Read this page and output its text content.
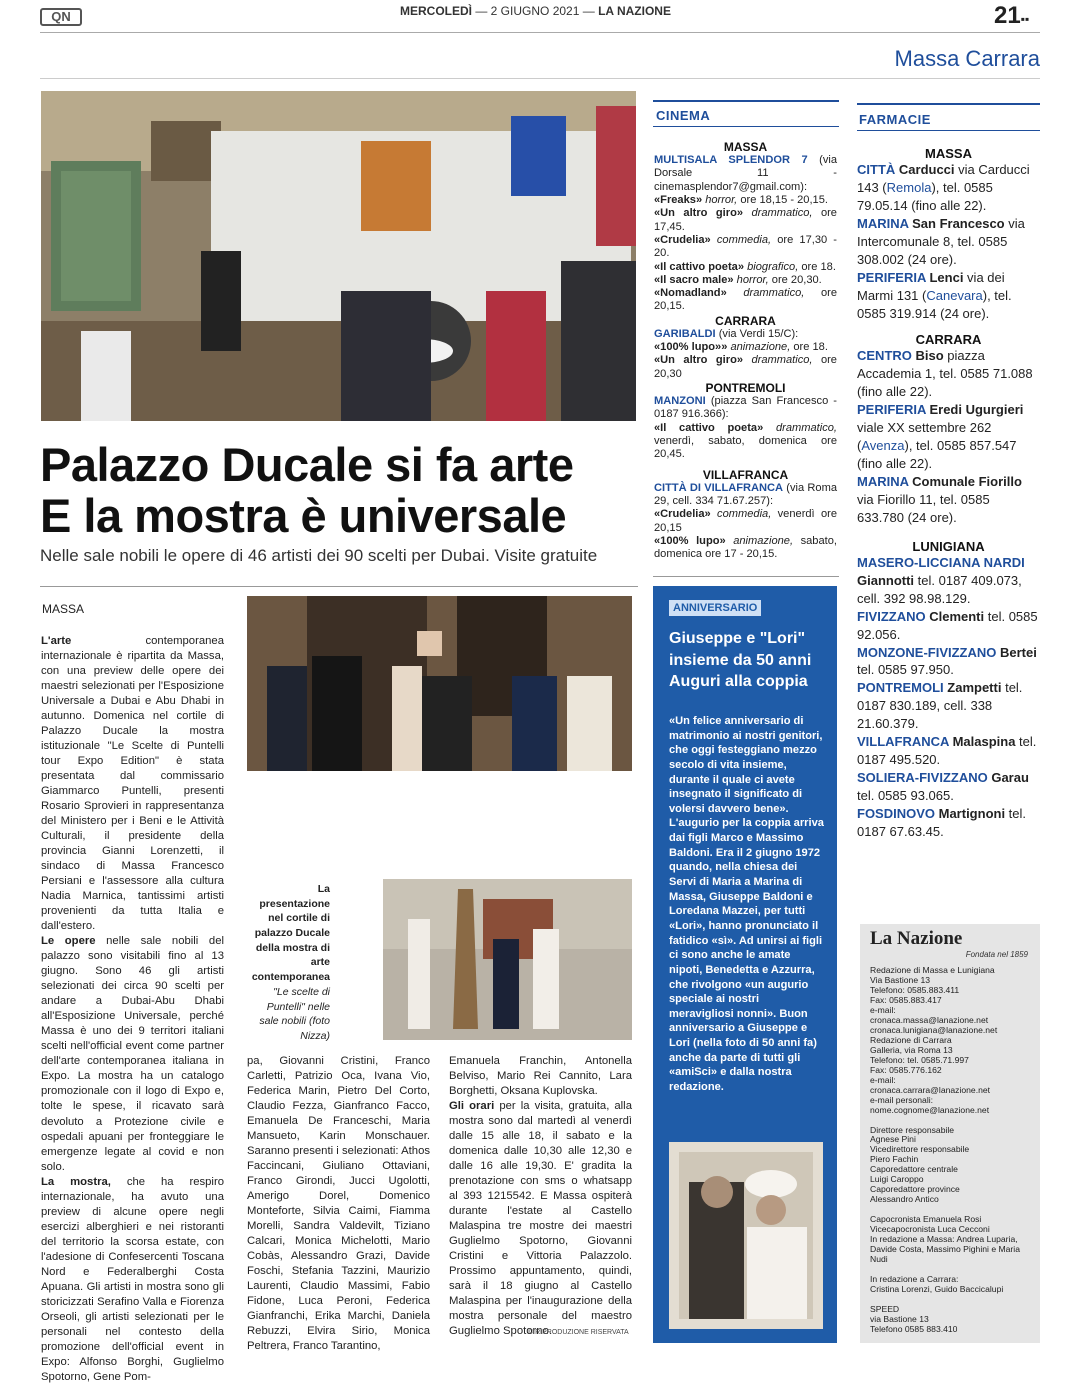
QN	MERCOLEDÌ — 2 GIUGNO 2021 — LA NAZIONE	21▪▪
Massa Carrara
Palazzo Ducale si fa arte
E la mostra è universale
Nelle sale nobili le opere di 46 artisti dei 90 scelti per Dubai. Visite gratuite
MASSA

L'arte contemporanea internazionale è ripartita da Massa, con una preview delle opere dei maestri selezionati per l'Esposizione Universale a Dubai e Abu Dhabi in autunno. Domenica nel cortile di Palazzo Ducale la mostra istituzionale "Le Scelte di Puntelli tour Expo Edition" è stata presentata dal commissario Giammarco Puntelli, presenti Rosario Sprovieri in rappresentanza del Ministero per i Beni e le Attività Culturali, il presidente della provincia Gianni Lorenzetti, il sindaco di Massa Francesco Persiani e l'assessore alla cultura Nadia Marnica, tantissimi artisti provenienti da tutta Italia e dall'estero.

Le opere nelle sale nobili del palazzo sono visitabili fino al 13 giugno. Sono 46 gli artisti selezionati dei circa 90 scelti per andare a Dubai-Abu Dhabi all'Esposizione Universale, perché Massa è uno dei 9 territori italiani scelti nell'official event come partner dell'arte contemporanea italiana in Expo. La mostra ha un catalogo promozionale con il logo di Expo e, tolte le spese, il ricavato sarà devoluto a Protezione civile e ospedali apuani per fronteggiare le emergenze legate al covid e non solo.

La mostra, che ha respiro internazionale, ha avuto una preview di alcune opere negli esercizi alberghieri e nei ristoranti del territorio la scorsa estate, con l'adesione di Confesercenti Toscana Nord e Federalberghi Costa Apuana. Gli artisti in mostra sono gli storicizzati Serafino Valla e Fiorenza Orseoli, gli artisti selezionati per le personali nel contesto della promozione dell'official event in Expo: Alfonso Borghi, Guglielmo Spotorno, Gene Pom-

La presentazione nel cortile di palazzo Ducale della mostra di arte contemporanea "Le scelte di Puntelli" nelle sale nobili (foto Nizza)

pa, Giovanni Cristini, Franco Carletti, Patrizio Oca, Ivana Vio, Federica Marin, Pietro Del Corto, Claudio Fezza, Gianfranco Facco, Emanuela De Franceschi, Maria Mansueto, Karin Monschauer. Saranno presenti i selezionati: Athos Faccincani, Giuliano Ottaviani, Franco Girondi, Jucci Ugolotti, Amerigo Dorel, Domenico Monteforte, Silvia Caimi, Fiamma Morelli, Sandra Valdevilt, Tiziano Calcari, Monica Michelotti, Mario Cobàs, Alessandro Grazi, Davide Foschi, Stefania Tazzini, Maurizio Laurenti, Claudio Massimi, Fabio Fidone, Luca Peroni, Federica Gianfranchi, Erika Marchi, Daniela Rebuzzi, Elvira Sirio, Monica Peltrera, Franco Tarantino,

Emanuela Franchin, Antonella Belviso, Mario Rei Cannito, Lara Borghetti, Oksana Kuplovska.

Gli orari per la visita, gratuita, alla mostra sono dal martedì al venerdì dalle 15 alle 18, il sabato e la domenica dalle 10,30 alle 12,30 e dalle 16 alle 19,30. E' gradita la prenotazione con sms o whatsapp al 393 1215542. E Massa ospiterà durante l'estate al Castello Malaspina tre mostre dei maestri Guglielmo Spotorno, Giovanni Cristini e Vittoria Palazzolo. Prossimo appuntamento, quindi, sarà il 18 giugno al Castello Malaspina per l'inaugurazione della mostra personale del maestro Guglielmo Spotorno.

© RIPRODUZIONE RISERVATA
CINEMA
MASSA
MULTISALA SPLENDOR 7 (via Dorsale 11 - cinemasplendor7@gmail.com):
«Freaks» horror, ore 18,15 - 20,15.
«Un altro giro» drammatico, ore 17,45.
«Crudelia» commedia, ore 17,30 - 20.
«Il cattivo poeta» biografico, ore 18.
«Il sacro male» horror, ore 20,30.
«Nomadland» drammatico, ore 20,15.
CARRARA
GARIBALDI (via Verdi 15/C):
«100% lupo»» animazione, ore 18.
«Un altro giro» drammatico, ore 20,30
PONTREMOLI
MANZONI (piazza San Francesco - 0187 916.366):
«Il cattivo poeta» drammatico, venerdì, sabato, domenica ore 20,45.
VILLAFRANCA
CITTÀ DI VILLAFRANCA (via Roma 29, cell. 334 71.67.257):
«Crudelia» commedia, venerdì ore 20,15
«100% lupo» animazione, sabato, domenica ore 17 - 20,15.
ANNIVERSARIO
Giuseppe e "Lori" insieme da 50 anni Auguri alla coppia
«Un felice anniversario di matrimonio ai nostri genitori, che oggi festeggiano mezzo secolo di vita insieme, durante il quale ci avete insegnato il significato di volersi davvero bene». L'augurio per la coppia arriva dai figli Marco e Massimo Baldoni. Era il 2 giugno 1972 quando, nella chiesa dei Servi di Maria a Marina di Massa, Giuseppe Baldoni e Loredana Mazzei, per tutti «Lori», hanno pronunciato il fatidico «sì». Ad unirsi ai figli ci sono anche le amate nipoti, Benedetta e Azzurra, che rivolgono «un augurio speciale ai nostri meravigliosi nonni». Buon anniversario a Giuseppe e Lori (nella foto di 50 anni fa) anche da parte di tutti gli «amiSci» e dalla nostra redazione.
FARMACIE
MASSA
CITTÀ Carducci via Carducci 143 (Remola), tel. 0585 79.05.14 (fino alle 22).
MARINA San Francesco via Intercomunale 8, tel. 0585 308.002 (24 ore).
PERIFERIA Lenci via dei Marmi 131 (Canevara), tel. 0585 319.914 (24 ore).
CARRARA
CENTRO Biso piazza Accademia 1, tel. 0585 71.088 (fino alle 22).
PERIFERIA Eredi Ugurgieri viale XX settembre 262 (Avenza), tel. 0585 857.547 (fino alle 22).
MARINA Comunale Fiorillo via Fiorillo 11, tel. 0585 633.780 (24 ore).
LUNIGIANA
MASERO-LICCIANA NARDI Giannotti tel. 0187 409.073, cell. 392 98.98.129.
FIVIZZANO Clementi tel. 0585 92.056.
MONZONE-FIVIZZANO Bertei tel. 0585 97.950.
PONTREMOLI Zampetti tel. 0187 830.189, cell. 338 21.60.379.
VILLAFRANCA Malaspina tel. 0187 495.520.
SOLIERA-FIVIZZANO Garau tel. 0585 93.065.
FOSDINOVO Martignoni tel. 0187 67.63.45.
La Nazione
Fondata nel 1859
Redazione di Massa e Lunigiana
Via Bastione 13
Telefono: 0585.883.411
Fax: 0585.883.417
e-mail:
cronaca.massa@lanazione.net
cronaca.lunigiana@lanazione.net
Redazione di Carrara
Galleria, via Roma 13
Telefono: tel. 0585.71.997
Fax: 0585.776.162
e-mail:
cronaca.carrara@lanazione.net
e-mail personali:
nome.cognome@lanazione.net

Direttore responsabile
Agnese Pini
Vicedirettore responsabile
Piero Fachin
Caporedattore centrale
Luigi Caroppo
Caporedattore province
Alessandro Antico

Capocronista Emanuela Rosi
Vicecapocronista Luca Cecconi
In redazione a Massa: Andrea Luparia, Davide Costa, Massimo Pighini e Maria Nudi

In redazione a Carrara:
Cristina Lorenzi, Guido Baccicalupi

SPEED
via Bastione 13
Telefono 0585 883.410
